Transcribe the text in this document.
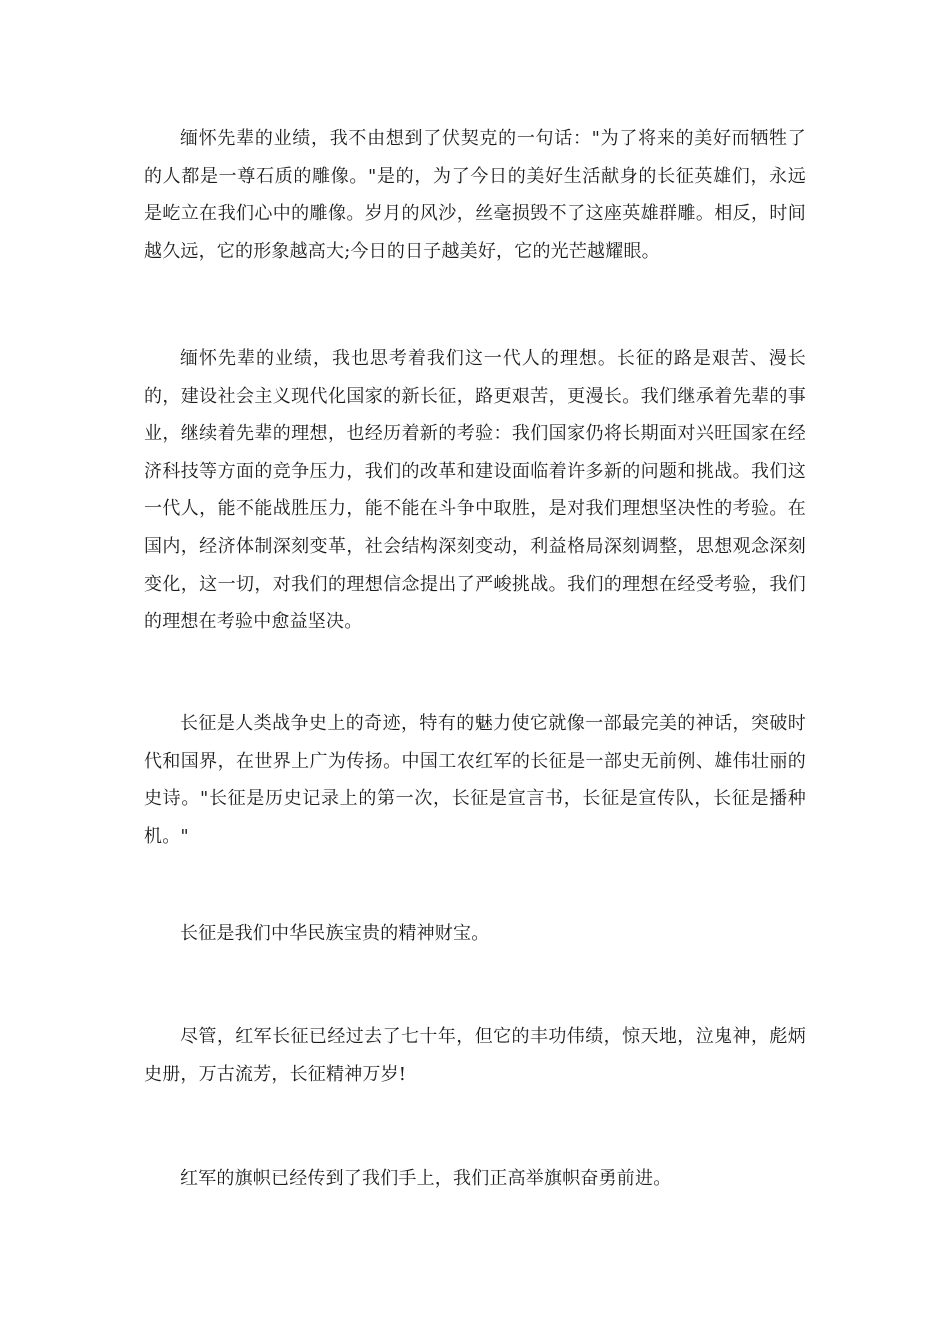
缅怀先辈的业绩，我不由想到了伏契克的一句话："为了将来的美好而牺牲了的人都是一尊石质的雕像。"是的，为了今日的美好生活献身的长征英雄们，永远是屹立在我们心中的雕像。岁月的风沙，丝毫损毁不了这座英雄群雕。相反，时间越久远，它的形象越高大;今日的日子越美好，它的光芒越耀眼。

缅怀先辈的业绩，我也思考着我们这一代人的理想。长征的路是艰苦、漫长的，建设社会主义现代化国家的新长征，路更艰苦，更漫长。我们继承着先辈的事业，继续着先辈的理想，也经历着新的考验：我们国家仍将长期面对兴旺国家在经济科技等方面的竞争压力，我们的改革和建设面临着许多新的问题和挑战。我们这一代人，能不能战胜压力，能不能在斗争中取胜，是对我们理想坚决性的考验。在国内，经济体制深刻变革，社会结构深刻变动，利益格局深刻调整，思想观念深刻变化，这一切，对我们的理想信念提出了严峻挑战。我们的理想在经受考验，我们的理想在考验中愈益坚决。

长征是人类战争史上的奇迹，特有的魅力使它就像一部最完美的神话，突破时代和国界，在世界上广为传扬。中国工农红军的长征是一部史无前例、雄伟壮丽的史诗。"长征是历史记录上的第一次，长征是宣言书，长征是宣传队，长征是播种机。"

长征是我们中华民族宝贵的精神财宝。

尽管，红军长征已经过去了七十年，但它的丰功伟绩，惊天地，泣鬼神，彪炳史册，万古流芳，长征精神万岁!

红军的旗帜已经传到了我们手上，我们正高举旗帜奋勇前进。
